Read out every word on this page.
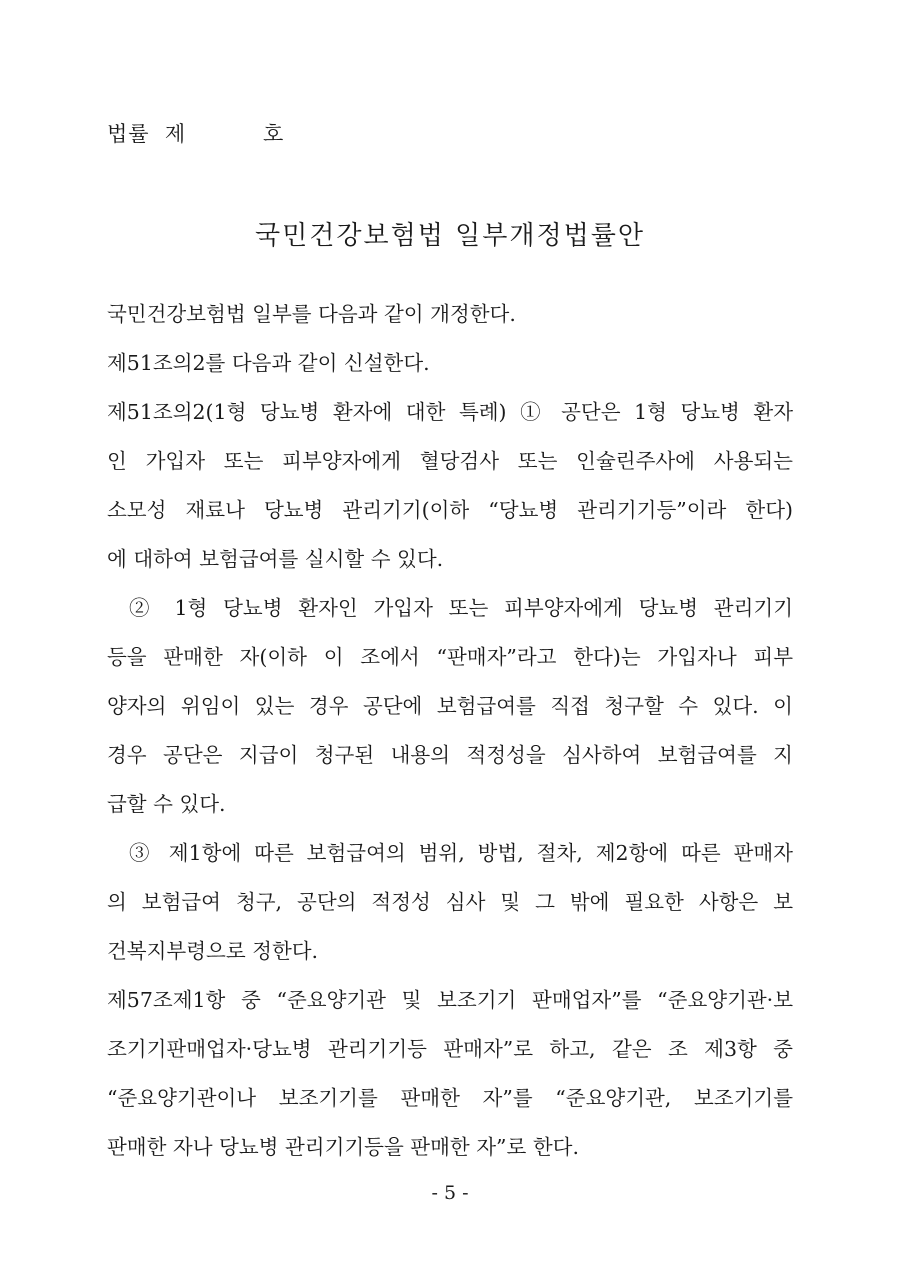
법률  제          호
국민건강보험법 일부개정법률안
국민건강보험법 일부를 다음과 같이 개정한다.
제51조의2를 다음과 같이 신설한다.
제51조의2(1형 당뇨병 환자에 대한 특례) ① 공단은 1형 당뇨병 환자
인 가입자 또는 피부양자에게 혈당검사 또는 인슐린주사에 사용되는
소모성 재료나 당뇨병 관리기기(이하 “당뇨병 관리기기등”이라 한다)
에 대하여 보험급여를 실시할 수 있다.
② 1형 당뇨병 환자인 가입자 또는 피부양자에게 당뇨병 관리기기
등을 판매한 자(이하 이 조에서 “판매자”라고 한다)는 가입자나 피부
양자의 위임이 있는 경우 공단에 보험급여를 직접 청구할 수 있다. 이
경우 공단은 지급이 청구된 내용의 적정성을 심사하여 보험급여를 지
급할 수 있다.
③ 제1항에 따른 보험급여의 범위, 방법, 절차, 제2항에 따른 판매자
의 보험급여 청구, 공단의 적정성 심사 및 그 밖에 필요한 사항은 보
건복지부령으로 정한다.
제57조제1항 중 “준요양기관 및 보조기기 판매업자”를 “준요양기관·보
조기기판매업자·당뇨병 관리기기등 판매자”로 하고, 같은 조 제3항 중
“준요양기관이나 보조기기를 판매한 자”를 “준요양기관, 보조기기를
판매한 자나 당뇨병 관리기기등을 판매한 자”로 한다.
- 5 -
